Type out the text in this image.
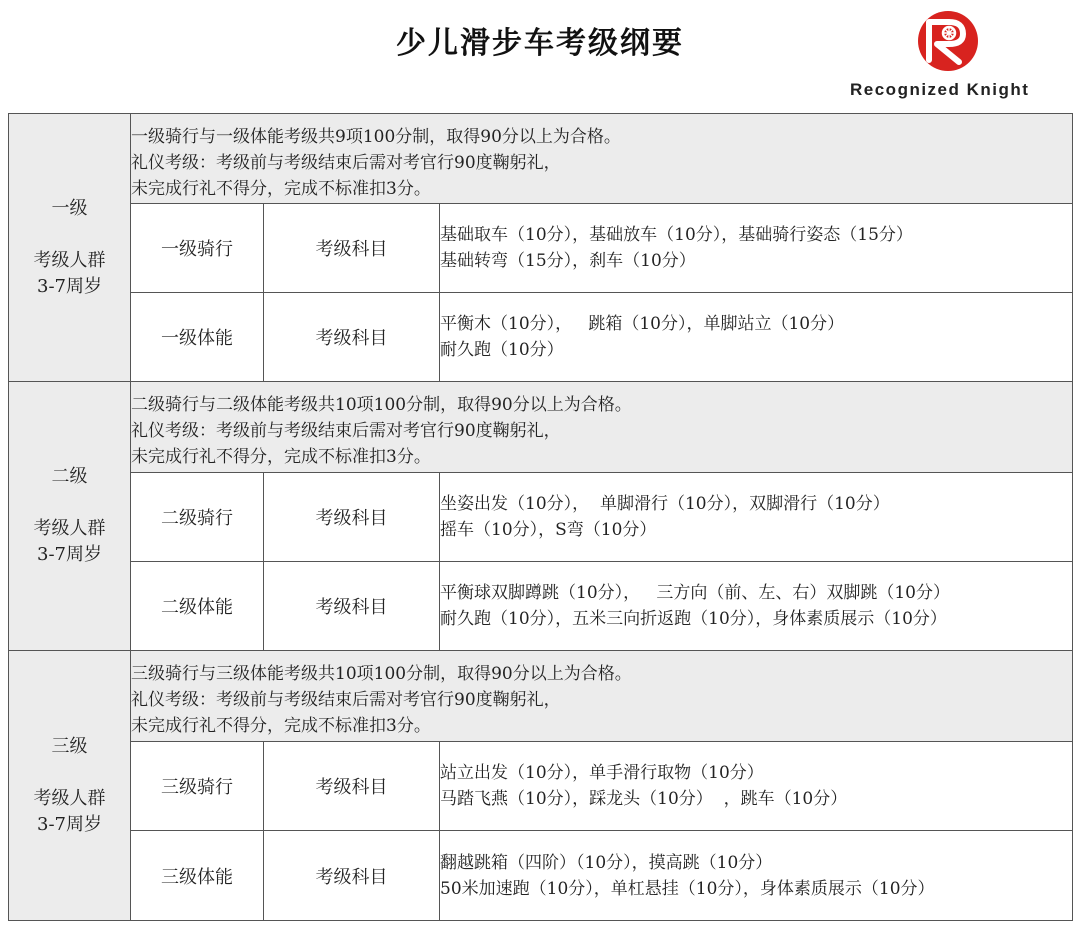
少儿滑步车考级纲要
Recognized Knight
一级
考级人群
3-7周岁	一级骑行与一级体能考级共9项100分制，取得90分以上为合格。
礼仪考级：考级前与考级结束后需对考官行90度鞠躬礼，
未完成行礼不得分，完成不标准扣3分。		

	一级骑行	考级科目	基础取车（10分），基础放车（10分），基础骑行姿态（15分）
基础转弯（15分），刹车（10分）

	一级体能	考级科目	平衡木（10分），   跳箱（10分），单脚站立（10分）
耐久跑（10分）

二级
考级人群
3-7周岁	二级骑行与二级体能考级共10项100分制，取得90分以上为合格。
礼仪考级：考级前与考级结束后需对考官行90度鞠躬礼，
未完成行礼不得分，完成不标准扣3分。		

	二级骑行	考级科目	坐姿出发（10分），  单脚滑行（10分），双脚滑行（10分）
摇车（10分），S弯（10分）

	二级体能	考级科目	平衡球双脚蹲跳（10分），   三方向（前、左、右）双脚跳（10分）
耐久跑（10分），五米三向折返跑（10分），身体素质展示（10分）

三级
考级人群
3-7周岁	三级骑行与三级体能考级共10项100分制，取得90分以上为合格。
礼仪考级：考级前与考级结束后需对考官行90度鞠躬礼，
未完成行礼不得分，完成不标准扣3分。		

	三级骑行	考级科目	站立出发（10分），单手滑行取物（10分）
马踏飞燕（10分），踩龙头（10分）  ，跳车（10分）

	三级体能	考级科目	翻越跳箱（四阶）（10分），摸高跳（10分）
50米加速跑（10分），单杠悬挂（10分），身体素质展示（10分）
